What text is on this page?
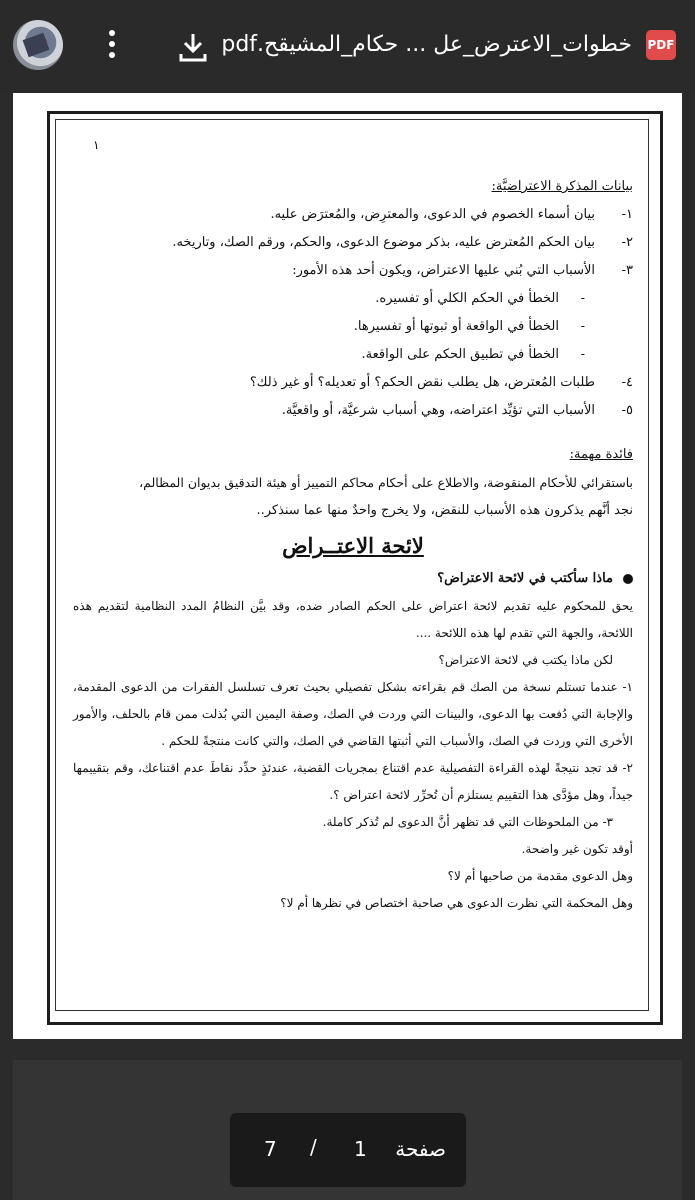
خطوات_الاعترض_عل ... حكام_المشيقح.pdf PDF
١
بيانات المذكرة الاعتراضيَّة:
١-بيان أسماء الخصوم في الدعوى، والمعترِض، والمُعترَض عليه.
٢-بيان الحكم المُعترض عليه، بذكر موضوع الدعوى، والحكم، ورقم الصك، وتاريخه.
٣-الأسباب التي بُني عليها الاعتراض، ويكون أحد هذه الأمور:
-الخطأ في الحكم الكلي أو تفسيره.
-الخطأ في الواقعة أو ثبوتها أو تفسيرها.
-الخطأ في تطبيق الحكم على الواقعة.
٤-طلبات المُعترض، هل يطلب نقض الحكم؟ أو تعديله؟ أو غير ذلك؟
٥-الأسباب التي تؤيِّد اعتراضه، وهي أسباب شرعيَّة، أو واقعيَّة.
فائدة مهمة:
باستقرائي للأحكام المنقوضة، والاطلاع على أحكام محاكم التمييز أو هيئة التدقيق بديوان المظالم،
نجد أنَّهم يذكرون هذه الأسباب للنقض، ولا يخرج واحدٌ منها عما سنذكر..
لائحة الاعتــراض
ماذا سأكتب في لائحة الاعتراض؟
يحق للمحكوم عليه تقديم لائحة اعتراض على الحكم الصادر ضده، وقد بيَّن النظامُ المدد النظامية لتقديم هذه اللائحة، والجهة التي تقدم لها هذه اللائحة ....
لكن ماذا يكتب في لائحة الاعتراض؟
١- عندما تستلم نسخة من الصك قم بقراءته بشكل تفصيلي بحيث تعرف تسلسل الفقرات من الدعوى المقدمة، والإجابة التي دُفعت بها الدعوى، والبينات التي وردت في الصك، وصفة اليمين التي بُذلت ممن قام بالحلف، والأمور الأخرى التي وردت في الصك، والأسباب التي أثبتها القاضي في الصك، والتي كانت منتجةً للحكم .
٢- قد تجد نتيجةً لهذه القراءة التفصيلية عدم اقتناع بمجريات القضية، عندئذٍ حدِّد نقاطَ عدم اقتناعك، وقم بتقييمها جيداً، وهل مؤدَّى هذا التقييم يستلزم أن تُحرِّر لائحة اعتراض ؟.
٣- من الملحوظات التي قد تظهر أنَّ الدعوى لم تُذكر كاملة.
أوقد تكون غير واضحة.
وهل الدعوى مقدمة من صاحبها أم لا؟
وهل المحكمة التي نظرت الدعوى هي صاحبة اختصاص في نظرها أم لا؟
صفحة
1
/
7
